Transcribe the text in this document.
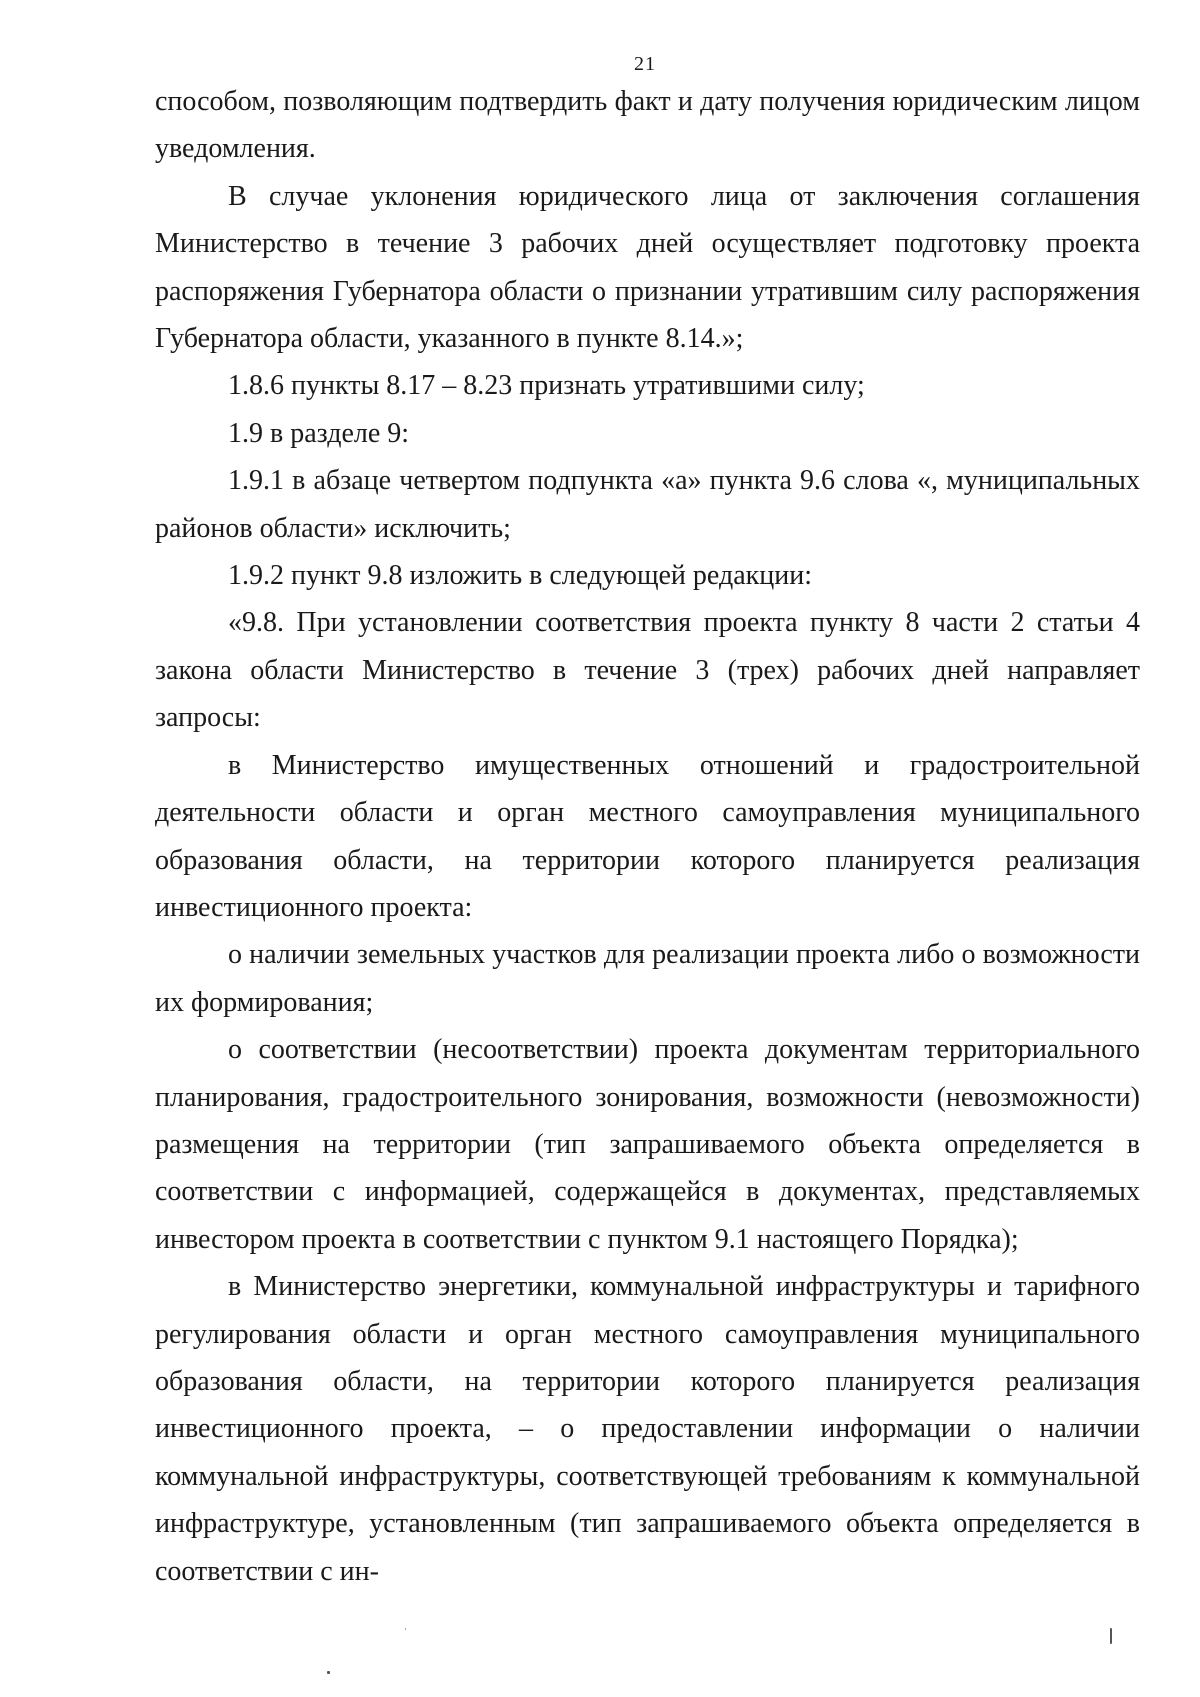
21

способом, позволяющим подтвердить факт и дату получения юридическим лицом уведомления.

В случае уклонения юридического лица от заключения соглашения Министерство в течение 3 рабочих дней осуществляет подготовку проекта распоряжения Губернатора области о признании утратившим силу распоряжения Губернатора области, указанного в пункте 8.14.»;

1.8.6 пункты 8.17 – 8.23 признать утратившими силу;

1.9 в разделе 9:

1.9.1 в абзаце четвертом подпункта «а» пункта 9.6 слова «, муниципальных районов области» исключить;

1.9.2 пункт 9.8 изложить в следующей редакции:

«9.8. При установлении соответствия проекта пункту 8 части 2 статьи 4 закона области Министерство в течение 3 (трех) рабочих дней направляет запросы:

в Министерство имущественных отношений и градостроительной деятельности области и орган местного самоуправления муниципального образования области, на территории которого планируется реализация инвестиционного проекта:

о наличии земельных участков для реализации проекта либо о возможности их формирования;

о соответствии (несоответствии) проекта документам территориального планирования, градостроительного зонирования, возможности (невозможности) размещения на территории (тип запрашиваемого объекта определяется в соответствии с информацией, содержащейся в документах, представляемых инвестором проекта в соответствии с пунктом 9.1 настоящего Порядка);

в Министерство энергетики, коммунальной инфраструктуры и тарифного регулирования области и орган местного самоуправления муниципального образования области, на территории которого планируется реализация инвестиционного проекта, – о предоставлении информации о наличии коммунальной инфраструктуры, соответствующей требованиям к коммунальной инфраструктуре, установленным (тип запрашиваемого объекта определяется в соответствии с ин-
